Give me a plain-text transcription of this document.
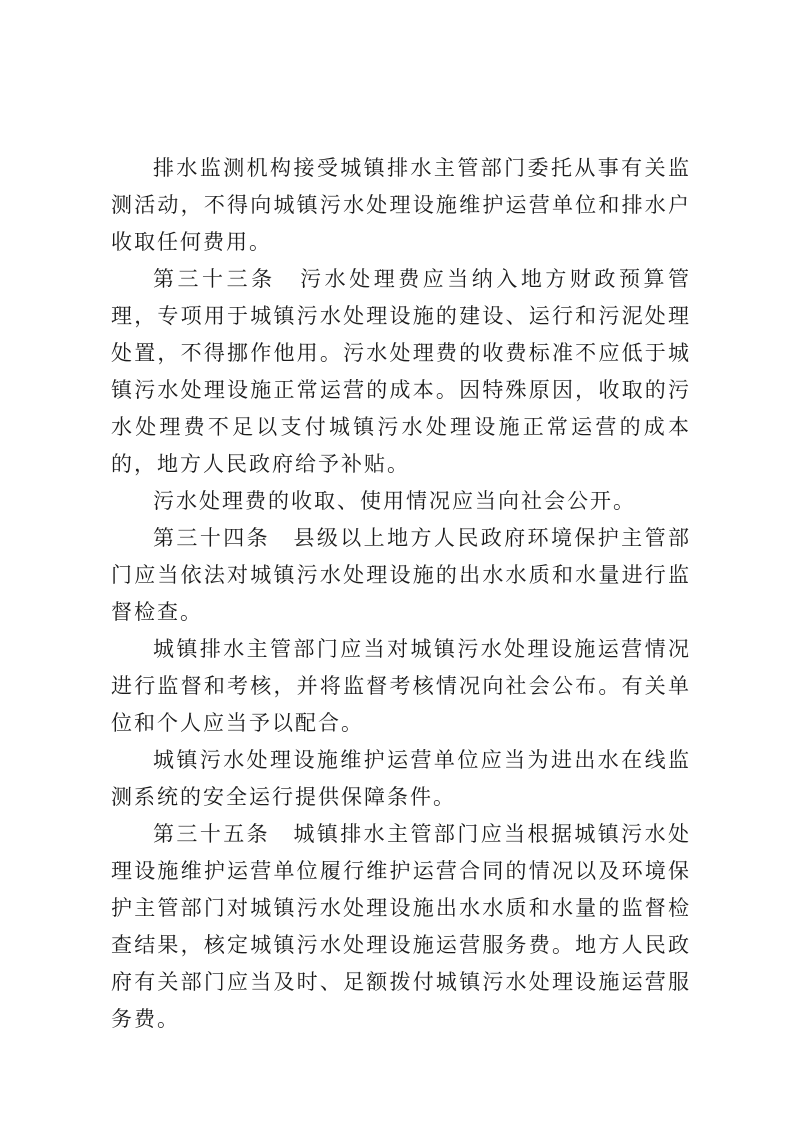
排水监测机构接受城镇排水主管部门委托从事有关监测活动，不得向城镇污水处理设施维护运营单位和排水户收取任何费用。

第三十三条　污水处理费应当纳入地方财政预算管理，专项用于城镇污水处理设施的建设、运行和污泥处理处置，不得挪作他用。污水处理费的收费标准不应低于城镇污水处理设施正常运营的成本。因特殊原因，收取的污水处理费不足以支付城镇污水处理设施正常运营的成本的，地方人民政府给予补贴。

污水处理费的收取、使用情况应当向社会公开。

第三十四条　县级以上地方人民政府环境保护主管部门应当依法对城镇污水处理设施的出水水质和水量进行监督检查。

城镇排水主管部门应当对城镇污水处理设施运营情况进行监督和考核，并将监督考核情况向社会公布。有关单位和个人应当予以配合。

城镇污水处理设施维护运营单位应当为进出水在线监测系统的安全运行提供保障条件。

第三十五条　城镇排水主管部门应当根据城镇污水处理设施维护运营单位履行维护运营合同的情况以及环境保护主管部门对城镇污水处理设施出水水质和水量的监督检查结果，核定城镇污水处理设施运营服务费。地方人民政府有关部门应当及时、足额拨付城镇污水处理设施运营服务费。
